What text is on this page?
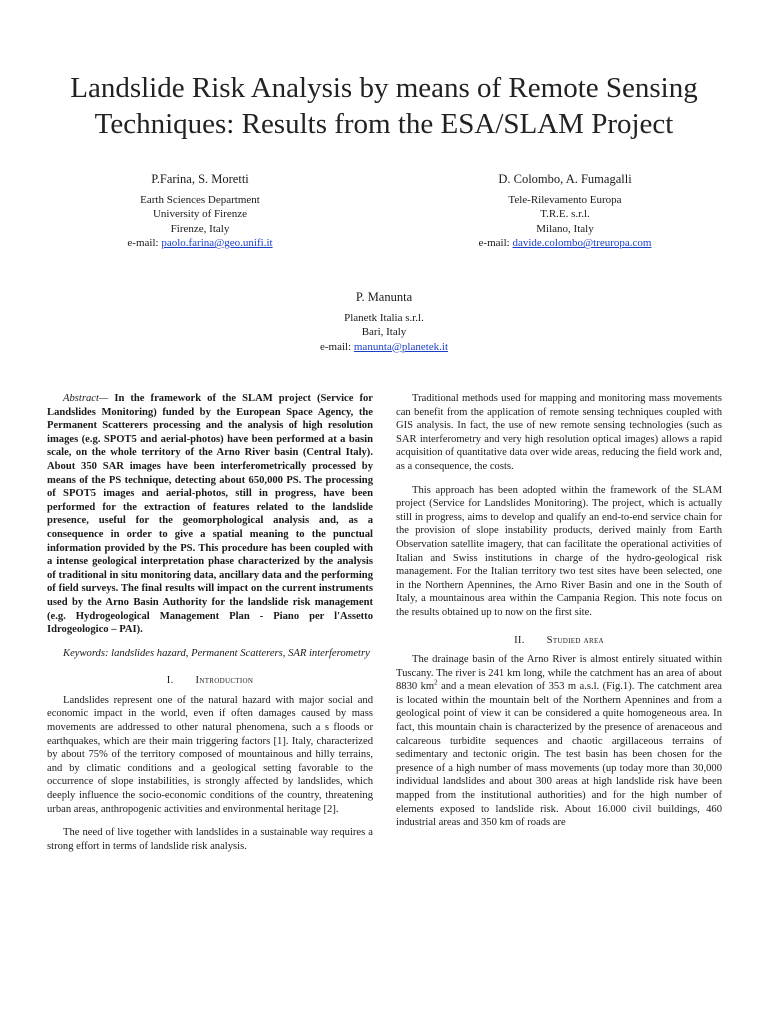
Landslide Risk Analysis by means of Remote Sensing Techniques: Results from the ESA/SLAM Project
P.Farina, S. Moretti
Earth Sciences Department
University of Firenze
Firenze, Italy
e-mail: paolo.farina@geo.unifi.it
D. Colombo, A. Fumagalli
Tele-Rilevamento Europa
T.R.E. s.r.l.
Milano, Italy
e-mail: davide.colombo@treuropa.com
P. Manunta
Planetk Italia s.r.l.
Bari, Italy
e-mail: manunta@planetek.it

Abstract— In the framework of the SLAM project (Service for Landslides Monitoring) funded by the European Space Agency, the Permanent Scatterers processing and the analysis of high resolution images (e.g. SPOT5 and aerial-photos) have been performed at a basin scale, on the whole territory of the Arno River basin (Central Italy). About 350 SAR images have been interferometrically processed by means of the PS technique, detecting about 650,000 PS. The processing of SPOT5 images and aerial-photos, still in progress, have been performed for the extraction of features related to the landslide presence, useful for the geomorphological analysis and, as a consequence in order to give a spatial meaning to the punctual information provided by the PS. This procedure has been coupled with a intense geological interpretation phase characterized by the analysis of traditional in situ monitoring data, ancillary data and the performing of field surveys. The final results will impact on the current instruments used by the Arno Basin Authority for the landslide risk management (e.g. Hydrogeological Management Plan - Piano per l'Assetto Idrogeologico – PAI).

Keywords: landslides hazard, Permanent Scatterers, SAR interferometry

I. Introduction

Landslides represent one of the natural hazard with major social and economic impact in the world, even if often damages caused by mass movements are addressed to other natural phenomena, such a s floods or earthquakes, which are their main triggering factors [1]. Italy, characterized by about 75% of the territory composed of mountainous and hilly terrains, and by climatic conditions and a geological setting favorable to the occurrence of slope instabilities, is strongly affected by landslides, which deeply influence the socio-economic conditions of the country, threatening urban areas, anthropogenic activities and environmental heritage [2].

The need of live together with landslides in a sustainable way requires a strong effort in terms of landslide risk analysis.

Traditional methods used for mapping and monitoring mass movements can benefit from the application of remote sensing techniques coupled with GIS analysis. In fact, the use of new remote sensing technologies (such as SAR interferometry and very high resolution optical images) allows a rapid acquisition of quantitative data over wide areas, reducing the field work and, as a consequence, the costs.

This approach has been adopted within the framework of the SLAM project (Service for Landslides Monitoring). The project, which is actually still in progress, aims to develop and qualify an end-to-end service chain for the provision of slope instability products, derived mainly from Earth Observation satellite imagery, that can facilitate the operational activities of Italian and Swiss institutions in charge of the hydro-geological risk management. For the Italian territory two test sites have been selected, one in the Northern Apennines, the Arno River Basin and one in the South of Italy, a mountainous area within the Campania Region. This note focus on the results obtained up to now on the first site.

II. Studied area

The drainage basin of the Arno River is almost entirely situated within Tuscany. The river is 241 km long, while the catchment has an area of about 8830 $km^2$ and a mean elevation of 353 m a.s.l. (Fig.1). The catchment area is located within the mountain belt of the Northern Apennines and from a geological point of view it can be considered a quite homogeneous area. In fact, this mountain chain is characterized by the presence of arenaceous and calcareous turbidite sequences and chaotic argillaceous terrains of sedimentary and tectonic origin. The test basin has been chosen for the presence of a high number of mass movements (up today more than 30,000 individual landslides and about 300 areas at high landslide risk have been mapped from the institutional authorities) and for the high number of elements exposed to landslide risk. About 16.000 civil buildings, 460 industrial areas and 350 km of roads are
